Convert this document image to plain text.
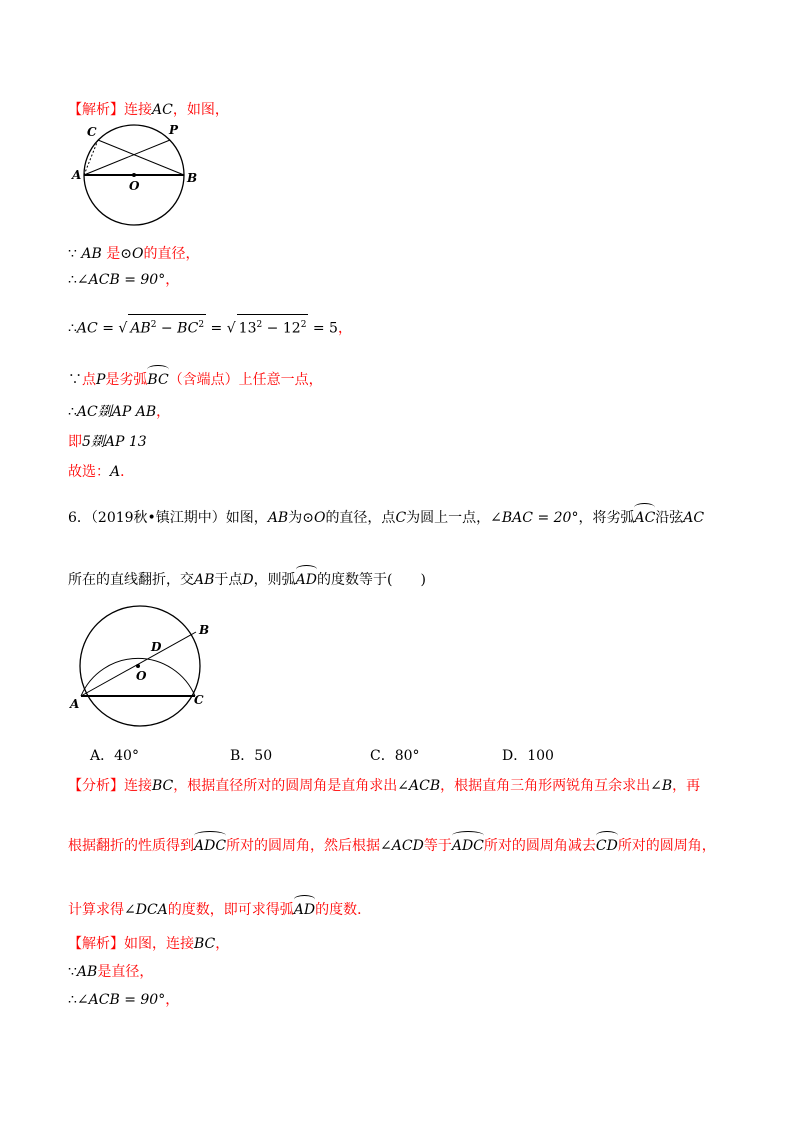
【解析】连接AC，如图，
C	P
A
O
B
∵ AB 是⊙O的直径，
∴∠ACB = 90°，
∴AC = √ $AB^2 - BC^2$ = √ $13^2 - 12^2 = 5$，
∵点P是劣弧BC（含端点）上任意一点，
∴AC剟AP AB，
即5剟AP 13
故选：A．
6．（2019秋•镇江期中）如图，AB为⊙O的直径，点C为圆上一点，∠BAC = 20°，将劣弧AC沿弦AC
所在的直线翻折，交AB于点D，则弧AD的度数等于(　　)
B
D
O
A	C
A．40°	B．50	C．80°	D．100
【分析】连接BC，根据直径所对的圆周角是直角求出∠ACB，根据直角三角形两锐角互余求出∠B，再
根据翻折的性质得到ADC所对的圆周角，然后根据∠ACD等于ADC所对的圆周角减去CD所对的圆周角，
计算求得∠DCA的度数，即可求得弧AD的度数．
【解析】如图，连接BC，
∵AB是直径，
∴∠ACB = 90°，
